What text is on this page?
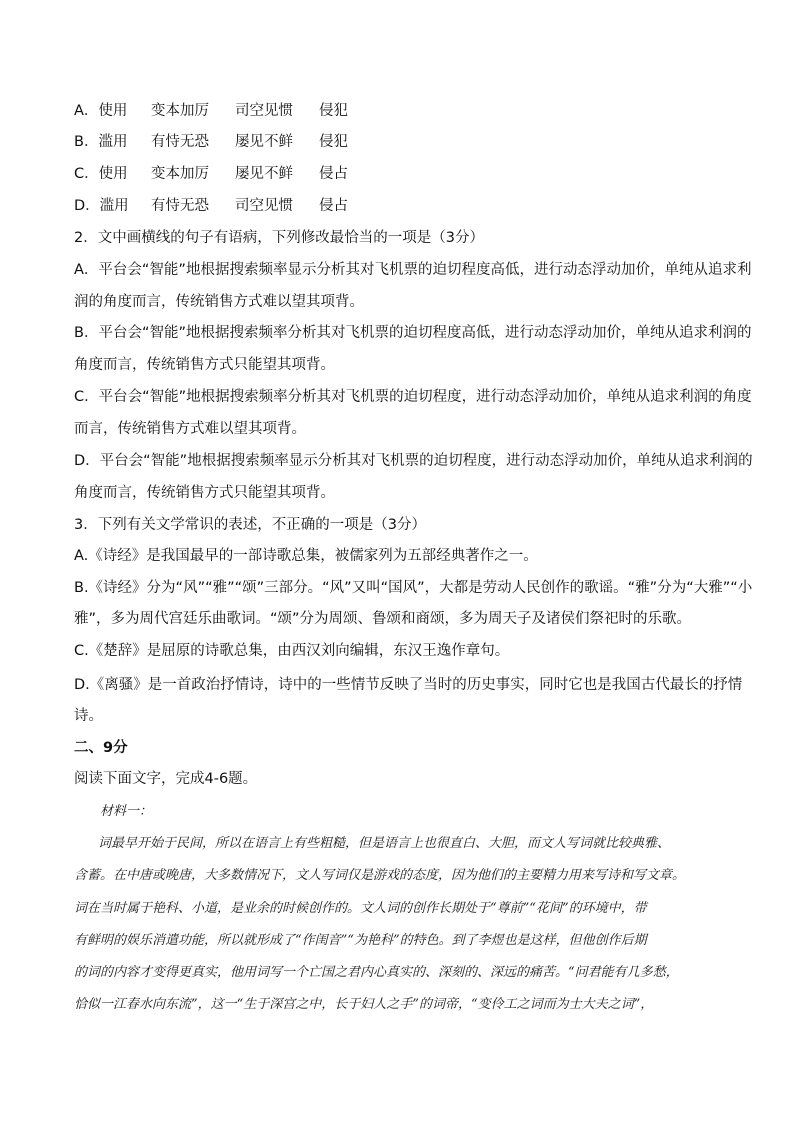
A．使用 变本加厉 司空见惯 侵犯
B．滥用 有恃无恐 屡见不鲜 侵犯
C．使用 变本加厉 屡见不鲜 侵占
D．滥用 有恃无恐 司空见惯 侵占
2．文中画横线的句子有语病，下列修改最恰当的一项是（3分）
A．平台会“智能”地根据搜索频率显示分析其对飞机票的迫切程度高低，进行动态浮动加价，单纯从追求利
润的角度而言，传统销售方式难以望其项背。
B．平台会“智能”地根据搜索频率分析其对飞机票的迫切程度高低，进行动态浮动加价，单纯从追求利润的
角度而言，传统销售方式只能望其项背。
C．平台会“智能”地根据搜索频率分析其对飞机票的迫切程度，进行动态浮动加价，单纯从追求利润的角度
而言，传统销售方式难以望其项背。
D．平台会“智能”地根据搜索频率显示分析其对飞机票的迫切程度，进行动态浮动加价，单纯从追求利润的
角度而言，传统销售方式只能望其项背。
3．下列有关文学常识的表述，不正确的一项是（3分）
A.《诗经》是我国最早的一部诗歌总集，被儒家列为五部经典著作之一。
B.《诗经》分为“风”“雅”“颂”三部分。“风”又叫“国风”，大都是劳动人民创作的歌谣。“雅”分为“大雅”“小
雅”，多为周代宫廷乐曲歌词。“颂”分为周颂、鲁颂和商颂，多为周天子及诸侯们祭祀时的乐歌。
C.《楚辞》是屈原的诗歌总集，由西汉刘向编辑，东汉王逸作章句。
D.《离骚》是一首政治抒情诗，诗中的一些情节反映了当时的历史事实，同时它也是我国古代最长的抒情
诗。
二、9分
阅读下面文字，完成4-6题。
材料一：
词最早开始于民间，所以在语言上有些粗糙，但是语言上也很直白、大胆，而文人写词就比较典雅、
含蓄。在中唐或晚唐，大多数情况下，文人写词仅是游戏的态度，因为他们的主要精力用来写诗和写文章。
词在当时属于艳科、小道，是业余的时候创作的。文人词的创作长期处于“尊前”“花间”的环境中，带
有鲜明的娱乐消遣功能，所以就形成了“作闺音”“为艳科”的特色。到了李煜也是这样，但他创作后期
的词的内容才变得更真实，他用词写一个亡国之君内心真实的、深刻的、深远的痛苦。“问君能有几多愁，
恰似一江春水向东流”，这一“生于深宫之中，长于妇人之手”的词帝，“变伶工之词而为士大夫之词”，
